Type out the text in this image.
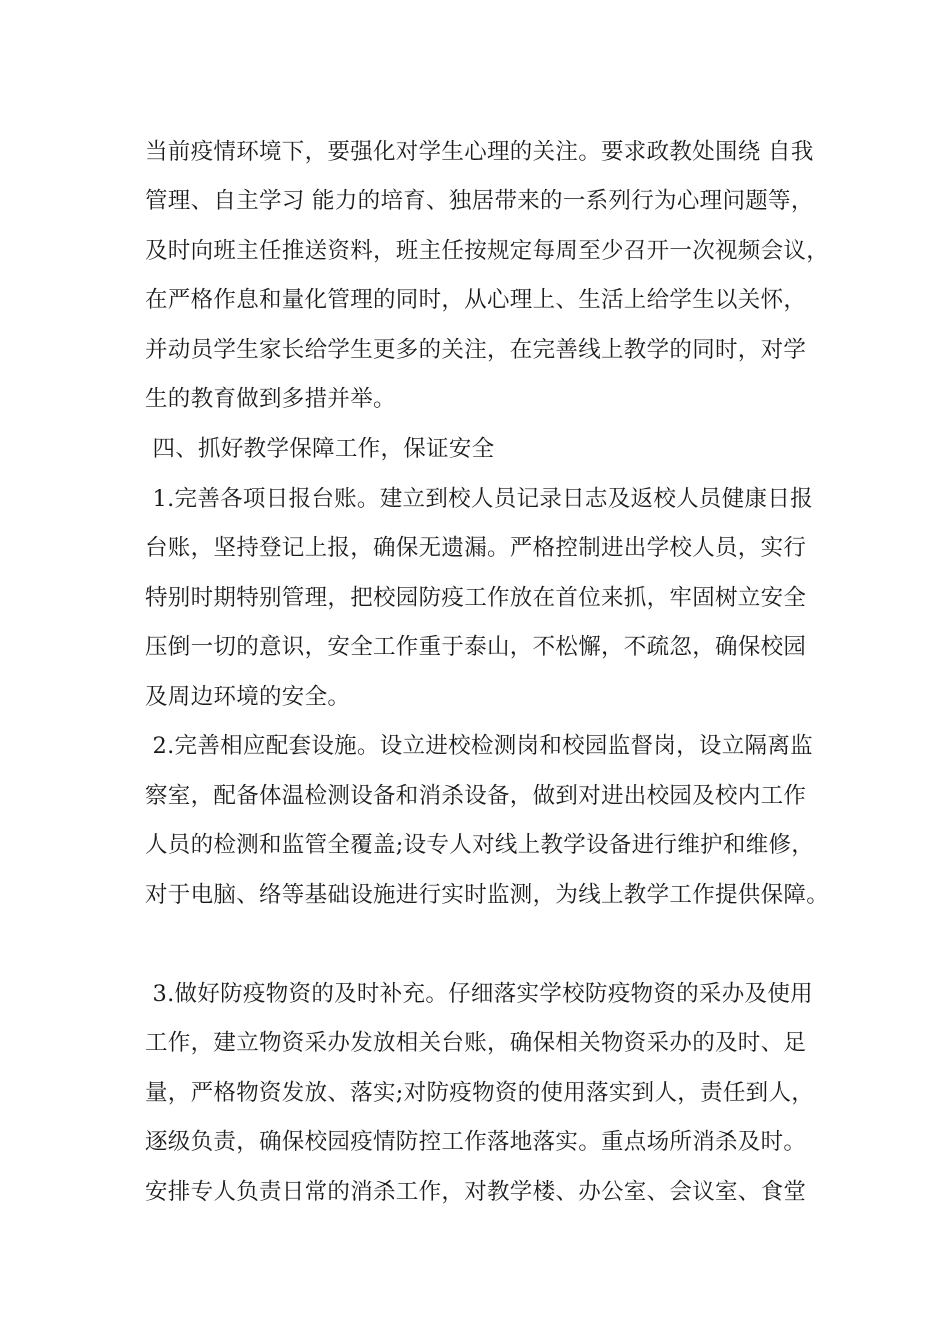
当前疫情环境下，要强化对学生心理的关注。要求政教处围绕 自我
管理、自主学习 能力的培育、独居带来的一系列行为心理问题等，
及时向班主任推送资料，班主任按规定每周至少召开一次视频会议，
在严格作息和量化管理的同时，从心理上、生活上给学生以关怀，
并动员学生家长给学生更多的关注，在完善线上教学的同时，对学
生的教育做到多措并举。
四、抓好教学保障工作，保证安全
1.完善各项日报台账。建立到校人员记录日志及返校人员健康日报
台账，坚持登记上报，确保无遗漏。严格控制进出学校人员，实行
特别时期特别管理，把校园防疫工作放在首位来抓，牢固树立安全
压倒一切的意识，安全工作重于泰山，不松懈，不疏忽，确保校园
及周边环境的安全。
2.完善相应配套设施。设立进校检测岗和校园监督岗，设立隔离监
察室，配备体温检测设备和消杀设备，做到对进出校园及校内工作
人员的检测和监管全覆盖;设专人对线上教学设备进行维护和维修，
对于电脑、络等基础设施进行实时监测，为线上教学工作提供保障。
3.做好防疫物资的及时补充。仔细落实学校防疫物资的采办及使用
工作，建立物资采办发放相关台账，确保相关物资采办的及时、足
量，严格物资发放、落实;对防疫物资的使用落实到人，责任到人，
逐级负责，确保校园疫情防控工作落地落实。重点场所消杀及时。
安排专人负责日常的消杀工作，对教学楼、办公室、会议室、食堂
